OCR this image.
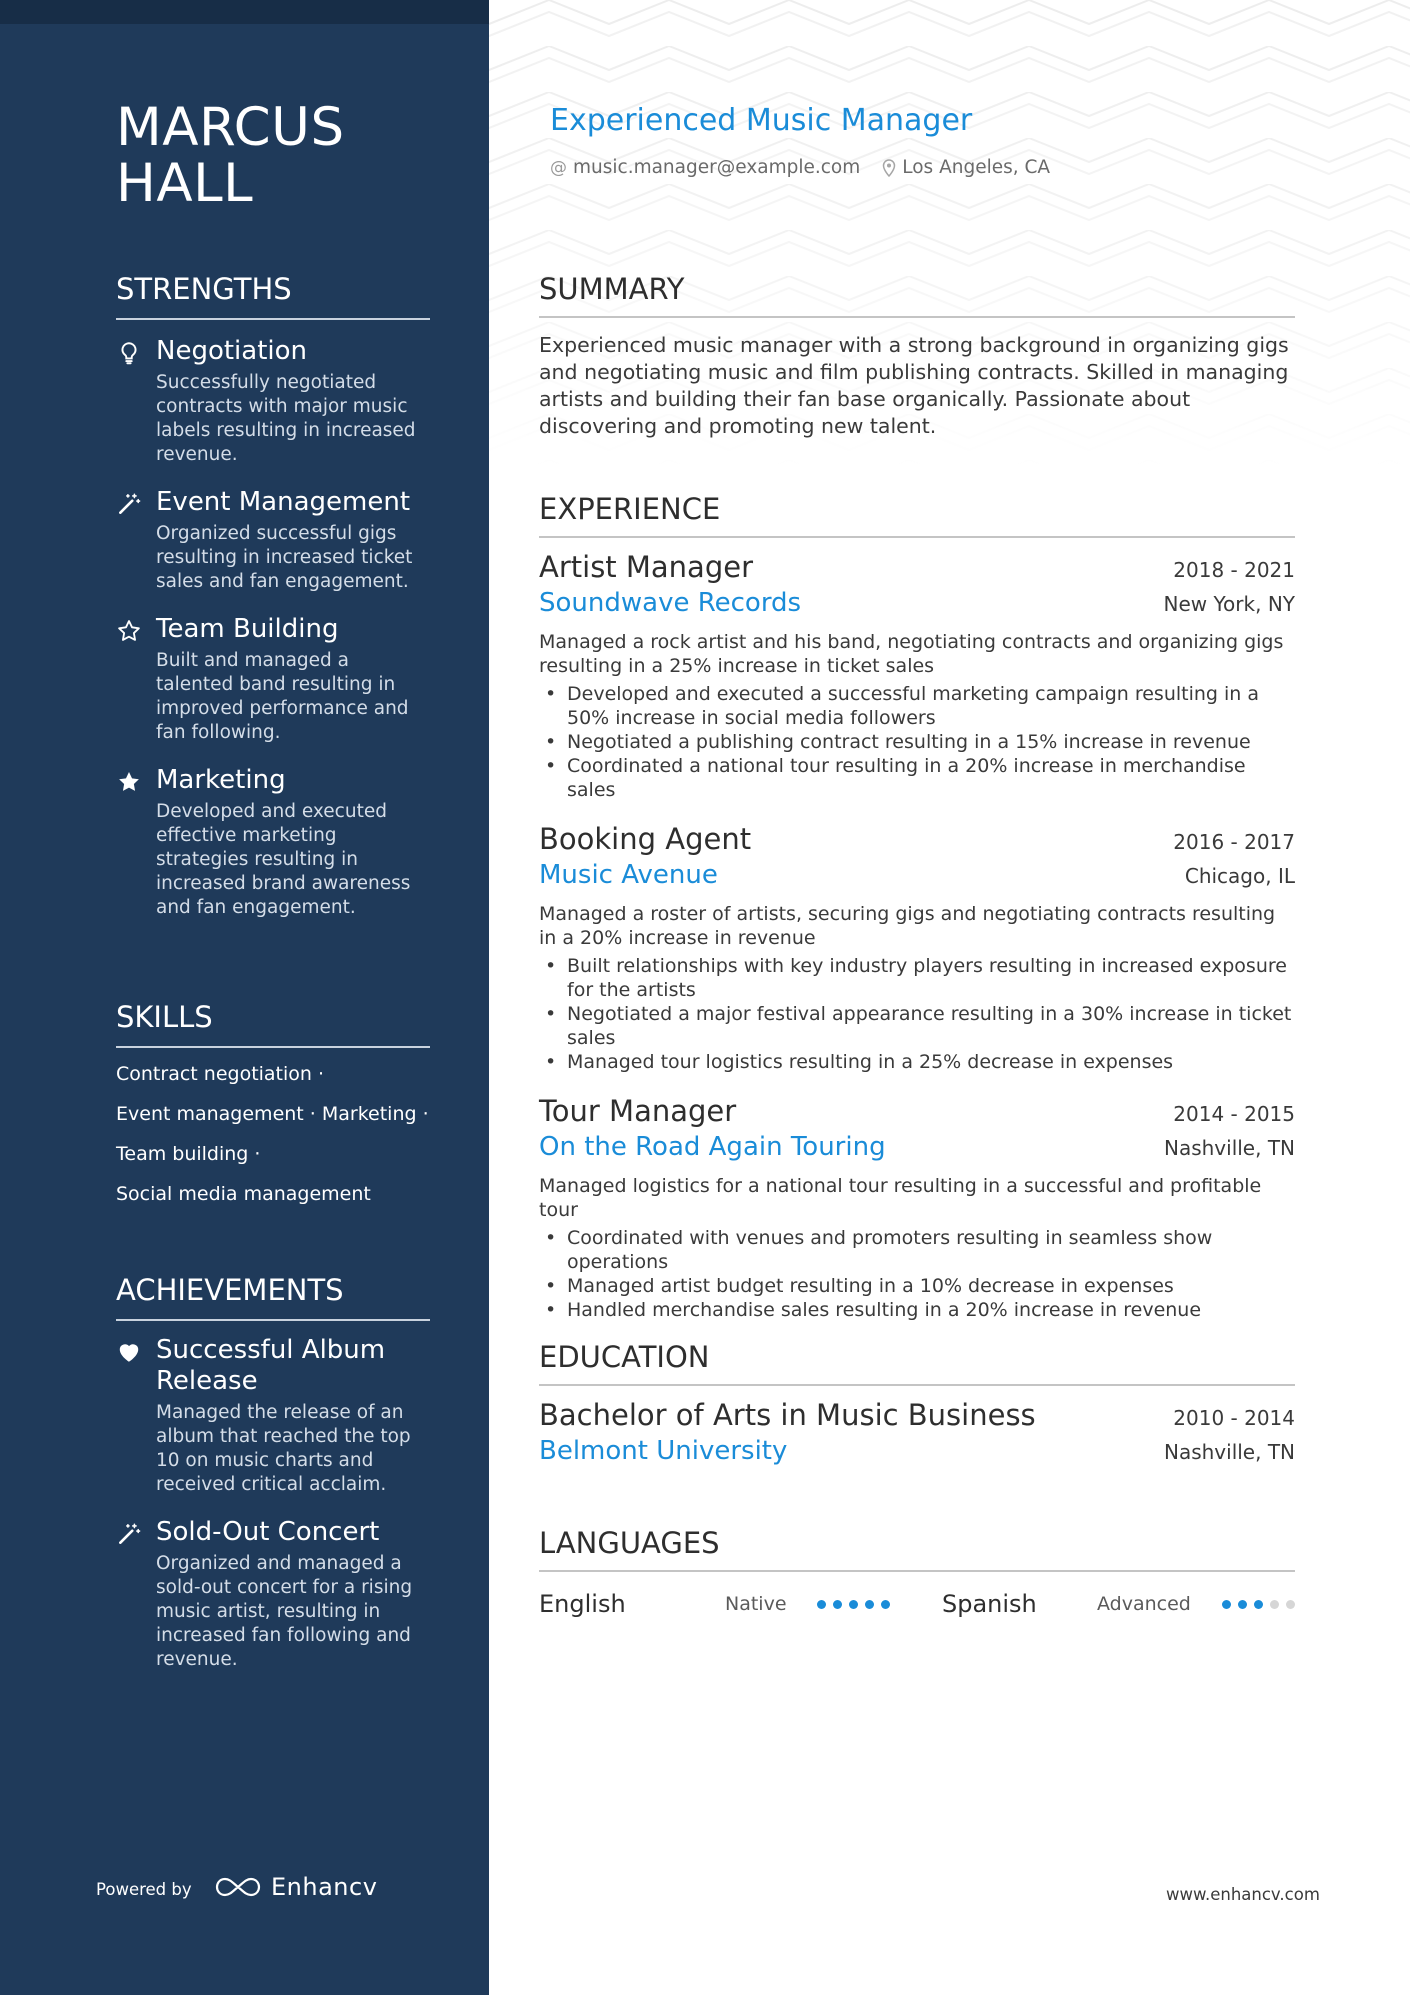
MARCUS
HALL
STRENGTHS
Negotiation
Successfully negotiated contracts with major music labels resulting in increased revenue.
Event Management
Organized successful gigs resulting in increased ticket sales and fan engagement.
Team Building
Built and managed a talented band resulting in improved performance and fan following.
Marketing
Developed and executed effective marketing strategies resulting in increased brand awareness and fan engagement.
SKILLS
Contract negotiation ·
Event management · Marketing ·
Team building ·
Social media management
ACHIEVEMENTS
Successful Album Release
Managed the release of an album that reached the top 10 on music charts and received critical acclaim.
Sold-Out Concert
Organized and managed a sold-out concert for a rising music artist, resulting in increased fan following and revenue.
Powered by	Enhancv
Experienced Music Manager
@ music.manager@example.com Los Angeles, CA
SUMMARY

Experienced music manager with a strong background in organizing gigs and negotiating music and film publishing contracts. Skilled in managing artists and building their fan base organically. Passionate about discovering and promoting new talent.

EXPERIENCE
Artist Manager	2018 - 2021
Soundwave Records	New York, NY
Managed a rock artist and his band, negotiating contracts and organizing gigs resulting in a 25% increase in ticket sales
• Developed and executed a successful marketing campaign resulting in a 50% increase in social media followers
• Negotiated a publishing contract resulting in a 15% increase in revenue
• Coordinated a national tour resulting in a 20% increase in merchandise sales
Booking Agent	2016 - 2017
Music Avenue	Chicago, IL
Managed a roster of artists, securing gigs and negotiating contracts resulting in a 20% increase in revenue
• Built relationships with key industry players resulting in increased exposure for the artists
• Negotiated a major festival appearance resulting in a 30% increase in ticket sales
• Managed tour logistics resulting in a 25% decrease in expenses
Tour Manager	2014 - 2015
On the Road Again Touring	Nashville, TN
Managed logistics for a national tour resulting in a successful and profitable tour
• Coordinated with venues and promoters resulting in seamless show operations
• Managed artist budget resulting in a 10% decrease in expenses
• Handled merchandise sales resulting in a 20% increase in revenue
EDUCATION
Bachelor of Arts in Music Business	2010 - 2014
Belmont University	Nashville, TN
LANGUAGES
English	Native	Spanish	Advanced
www.enhancv.com
